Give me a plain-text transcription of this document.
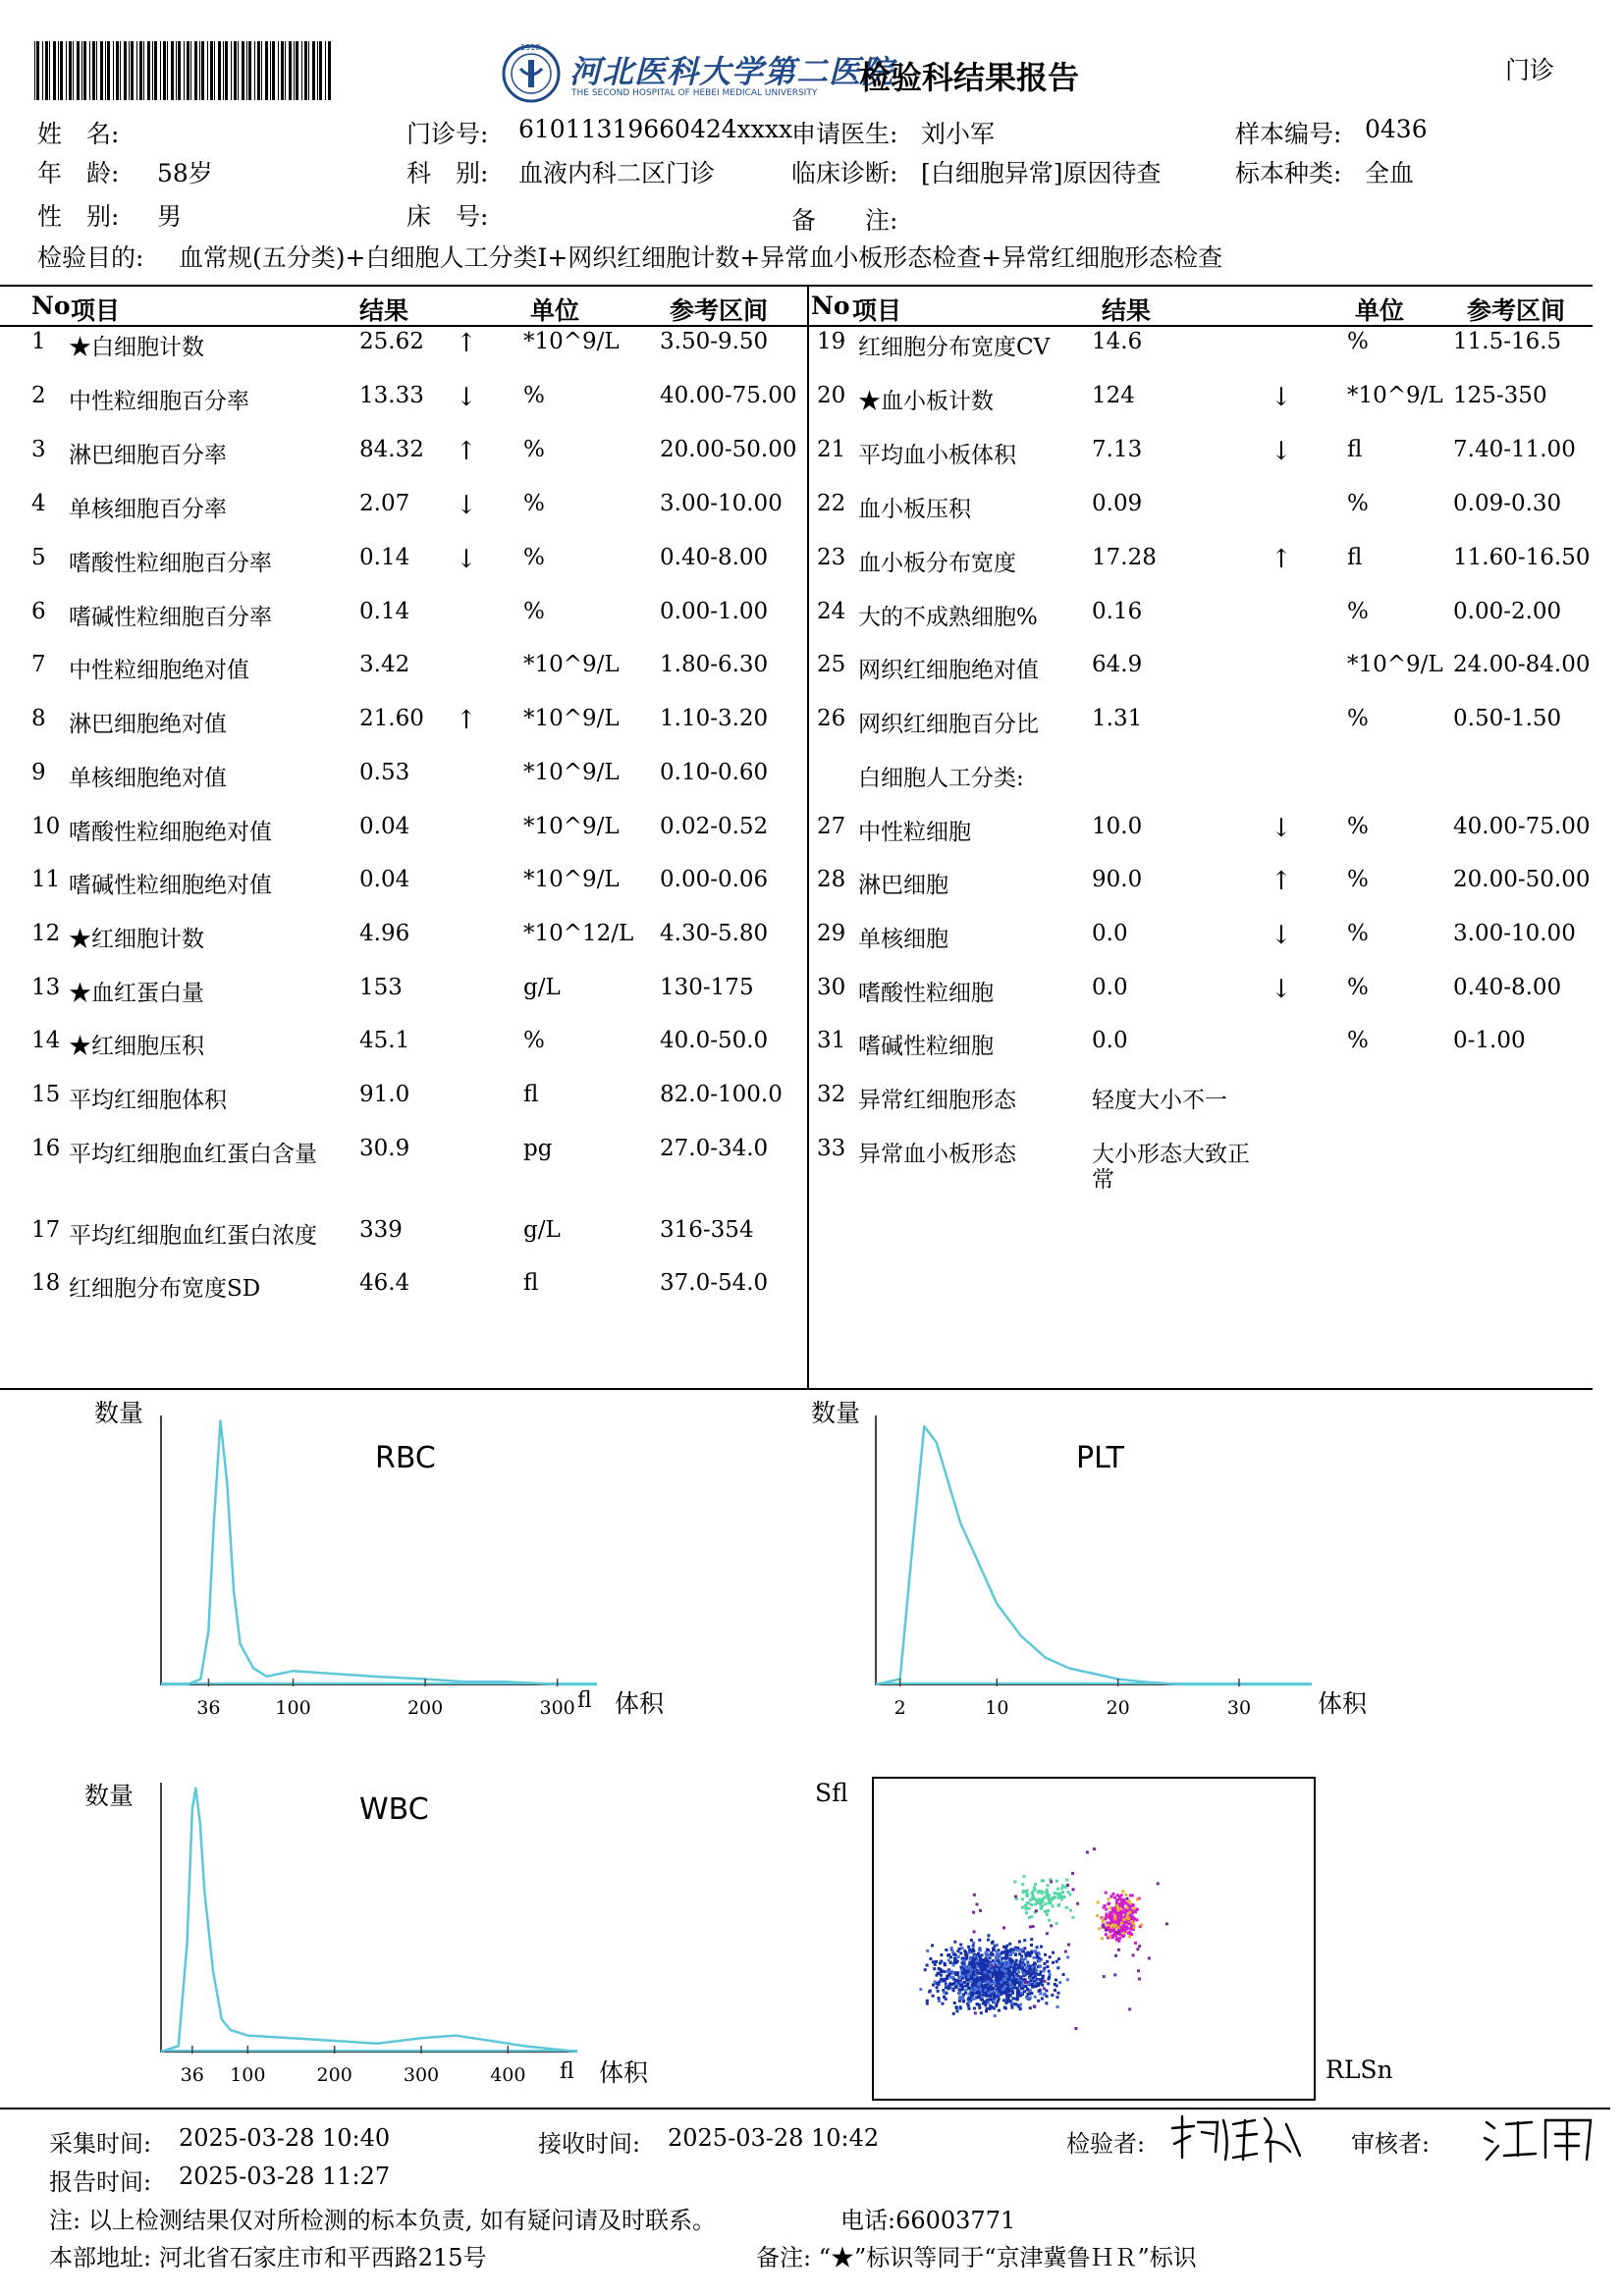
1918
河北医科大学第二医院
THE SECOND HOSPITAL OF HEBEI MEDICAL UNIVERSITY 检验科结果报告	门诊
姓　名:
年　龄: 58岁
性　别: 男
门诊号: 61011319660424xxxx
科　别: 血液内科二区门诊
床　号:
申请医生: 刘小军
临床诊断: [白细胞异常]原因待查
备　　注:
样本编号: 0436
标本种类: 全血
检验目的: 血常规(五分类)+白细胞人工分类I+网织红细胞计数+异常血小板形态检查+异常红细胞形态检查
No 项目	结果	单位	参考区间 No 项目	结果	单位	参考区间
1 ★白细胞计数	25.62 ↑ *10^9/L 3.50-9.50
2 中性粒细胞百分率	13.33 ↓ %	40.00-75.00
3 淋巴细胞百分率	84.32 ↑ %	20.00-50.00
4 单核细胞百分率	2.07 ↓ %	3.00-10.00
5 嗜酸性粒细胞百分率	0.14 ↓ %	0.40-8.00
6 嗜碱性粒细胞百分率	0.14	%	0.00-1.00
7 中性粒细胞绝对值	3.42	*10^9/L 1.80-6.30
8 淋巴细胞绝对值	21.60 ↑ *10^9/L 1.10-3.20
9 单核细胞绝对值	0.53	*10^9/L 0.10-0.60
10 嗜酸性粒细胞绝对值	0.04	*10^9/L 0.02-0.52
11 嗜碱性粒细胞绝对值	0.04	*10^9/L 0.00-0.06
12 ★红细胞计数	4.96	*10^12/L 4.30-5.80
13 ★血红蛋白量	153	g/L	130-175
14 ★红细胞压积	45.1	%	40.0-50.0
15 平均红细胞体积	91.0	fl	82.0-100.0
16 平均红细胞血红蛋白含量 30.9	pg	27.0-34.0
17 平均红细胞血红蛋白浓度 339	g/L	316-354
18 红细胞分布宽度SD	46.4	fl	37.0-54.0
19 红细胞分布宽度CV 14.6	%	11.5-16.5
20 ★血小板计数	124	↓ *10^9/L 125-350
21 平均血小板体积	7.13	↓ fl	7.40-11.00
22 血小板压积	0.09	%	0.09-0.30
23 血小板分布宽度	17.28	↑ fl	11.60-16.50
24 大的不成熟细胞% 0.16	%	0.00-2.00
25 网织红细胞绝对值 64.9	*10^9/L 24.00-84.00
26 网织红细胞百分比 1.31	%	0.50-1.50
白细胞人工分类:
27 中性粒细胞	10.0	↓ %	40.00-75.00
28 淋巴细胞	90.0	↑ %	20.00-50.00
29 单核细胞	0.0	↓ %	3.00-10.00
30 嗜酸性粒细胞	0.0	↓ %	0.40-8.00
31 嗜碱性粒细胞	0.0	%	0-1.00
32 异常红细胞形态	轻度大小不一
33 异常血小板形态	大小形态大致正
常
36	100	200	300
数量
RBC
体积
fl	2	10	20	30
数量
PLT
体积
36 100	200	300	400
数量	WBC
体积
fl
Sfl
RLSn
采集时间: 2025-03-28 10:40	接收时间: 2025-03-28 10:42	检验者:	审核者:
报告时间: 2025-03-28 11:27
注: 以上检测结果仅对所检测的标本负责, 如有疑问请及时联系。	电话:66003771
本部地址: 河北省石家庄市和平西路215号	备注: “★”标识等同于“京津冀鲁ＨＲ”标识
